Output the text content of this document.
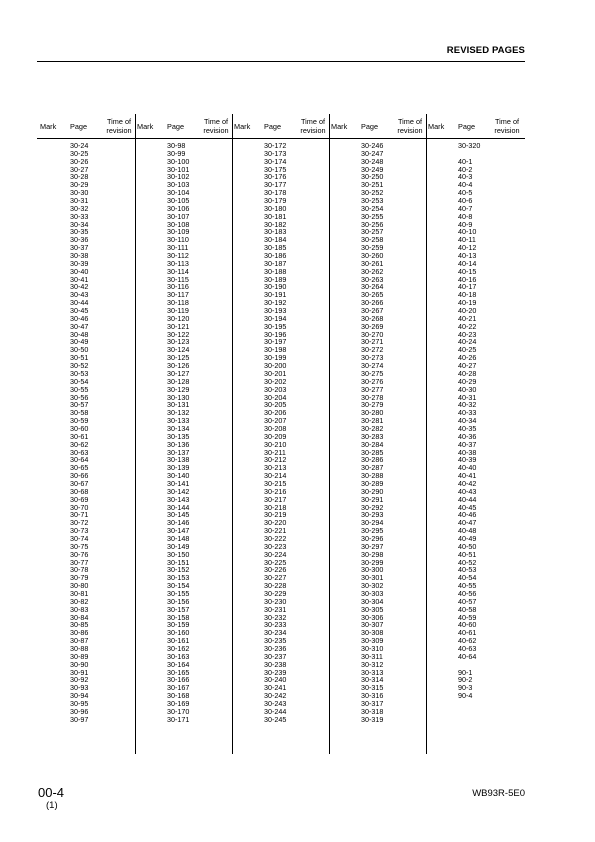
REVISED PAGES
Mark Page
Time of revision
30-24
30-25
30-26
30-27
30-28
30-29
30-30
30-31
30-32
30-33
30-34
30-35
30-36
30-37
30-38
30-39
30-40
30-41
30-42
30-43
30-44
30-45
30-46
30-47
30-48
30-49
30-50
30-51
30-52
30-53
30-54
30-55
30-56
30-57
30-58
30-59
30-60
30-61
30-62
30-63
30-64
30-65
30-66
30-67
30-68
30-69
30-70
30-71
30-72
30-73
30-74
30-75
30-76
30-77
30-78
30-79
30-80
30-81
30-82
30-83
30-84
30-85
30-86
30-87
30-88
30-89
30-90
30-91
30-92
30-93
30-94
30-95
30-96
30-97
Mark Page
Time of revision
30-98
30-99
30-100
30-101
30-102
30-103
30-104
30-105
30-106
30-107
30-108
30-109
30-110
30-111
30-112
30-113
30-114
30-115
30-116
30-117
30-118
30-119
30-120
30-121
30-122
30-123
30-124
30-125
30-126
30-127
30-128
30-129
30-130
30-131
30-132
30-133
30-134
30-135
30-136
30-137
30-138
30-139
30-140
30-141
30-142
30-143
30-144
30-145
30-146
30-147
30-148
30-149
30-150
30-151
30-152
30-153
30-154
30-155
30-156
30-157
30-158
30-159
30-160
30-161
30-162
30-163
30-164
30-165
30-166
30-167
30-168
30-169
30-170
30-171
Mark Page
Time of revision
30-172
30-173
30-174
30-175
30-176
30-177
30-178
30-179
30-180
30-181
30-182
30-183
30-184
30-185
30-186
30-187
30-188
30-189
30-190
30-191
30-192
30-193
30-194
30-195
30-196
30-197
30-198
30-199
30-200
30-201
30-202
30-203
30-204
30-205
30-206
30-207
30-208
30-209
30-210
30-211
30-212
30-213
30-214
30-215
30-216
30-217
30-218
30-219
30-220
30-221
30-222
30-223
30-224
30-225
30-226
30-227
30-228
30-229
30-230
30-231
30-232
30-233
30-234
30-235
30-236
30-237
30-238
30-239
30-240
30-241
30-242
30-243
30-244
30-245
Mark Page
Time of revision
30-246
30-247
30-248
30-249
30-250
30-251
30-252
30-253
30-254
30-255
30-256
30-257
30-258
30-259
30-260
30-261
30-262
30-263
30-264
30-265
30-266
30-267
30-268
30-269
30-270
30-271
30-272
30-273
30-274
30-275
30-276
30-277
30-278
30-279
30-280
30-281
30-282
30-283
30-284
30-285
30-286
30-287
30-288
30-289
30-290
30-291
30-292
30-293
30-294
30-295
30-296
30-297
30-298
30-299
30-300
30-301
30-302
30-303
30-304
30-305
30-306
30-307
30-308
30-309
30-310
30-311
30-312
30-313
30-314
30-315
30-316
30-317
30-318
30-319
Mark Page
Time of revision
30-320
40-1
40-2
40-3
40-4
40-5
40-6
40-7
40-8
40-9
40-10
40-11
40-12
40-13
40-14
40-15
40-16
40-17
40-18
40-19
40-20
40-21
40-22
40-23
40-24
40-25
40-26
40-27
40-28
40-29
40-30
40-31
40-32
40-33
40-34
40-35
40-36
40-37
40-38
40-39
40-40
40-41
40-42
40-43
40-44
40-45
40-46
40-47
40-48
40-49
40-50
40-51
40-52
40-53
40-54
40-55
40-56
40-57
40-58
40-59
40-60
40-61
40-62
40-63
40-64
90-1
90-2
90-3
90-4
00-4
(1)
WB93R-5E0
